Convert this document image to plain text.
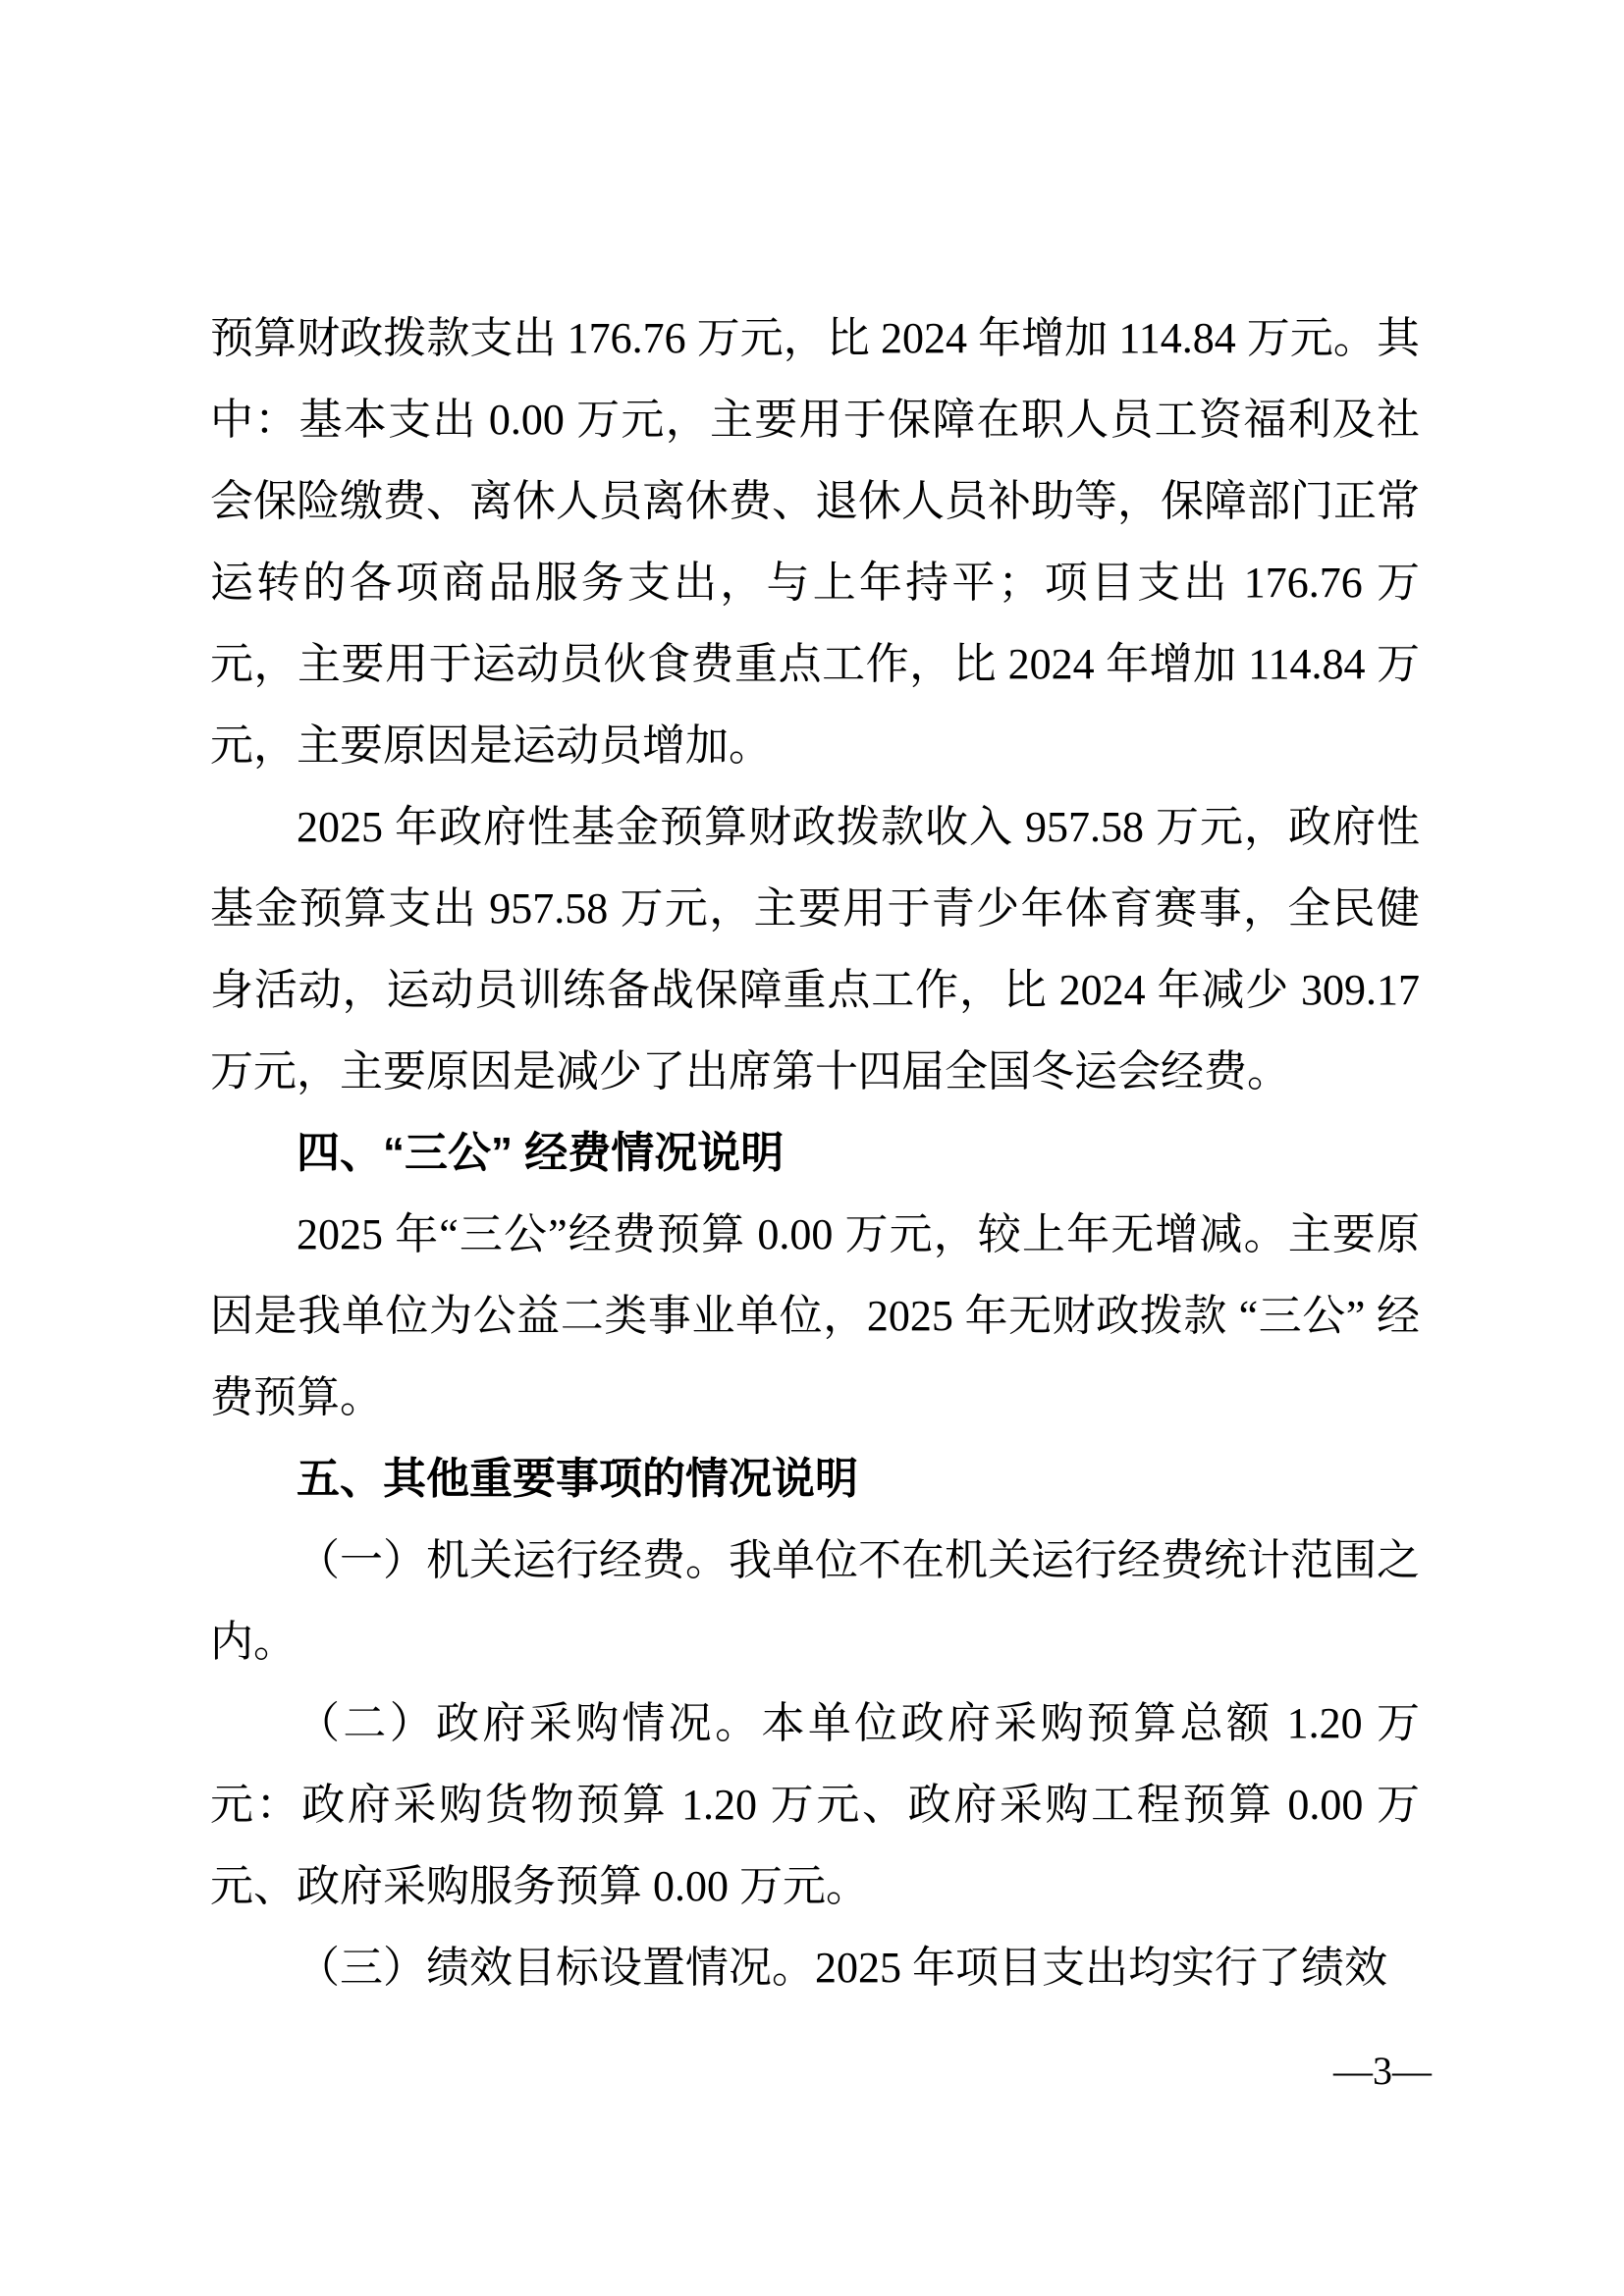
预算财政拨款支出 176.76 万元，比 2024 年增加 114.84 万元。其中：基本支出 0.00 万元，主要用于保障在职人员工资福利及社会保险缴费、离休人员离休费、退休人员补助等，保障部门正常运转的各项商品服务支出，与上年持平；项目支出 176.76 万元，主要用于运动员伙食费重点工作，比 2024 年增加 114.84 万元，主要原因是运动员增加。

2025 年政府性基金预算财政拨款收入 957.58 万元，政府性基金预算支出 957.58 万元，主要用于青少年体育赛事，全民健身活动，运动员训练备战保障重点工作，比 2024 年减少 309.17 万元，主要原因是减少了出席第十四届全国冬运会经费。

四、“三公” 经费情况说明

2025 年“三公”经费预算 0.00 万元，较上年无增减。主要原因是我单位为公益二类事业单位，2025 年无财政拨款 “三公” 经费预算。

五、其他重要事项的情况说明

（一）机关运行经费。我单位不在机关运行经费统计范围之内。

（二）政府采购情况。本单位政府采购预算总额 1.20 万元：政府采购货物预算 1.20 万元、政府采购工程预算 0.00 万元、政府采购服务预算 0.00 万元。

（三）绩效目标设置情况。2025 年项目支出均实行了绩效

—3—
